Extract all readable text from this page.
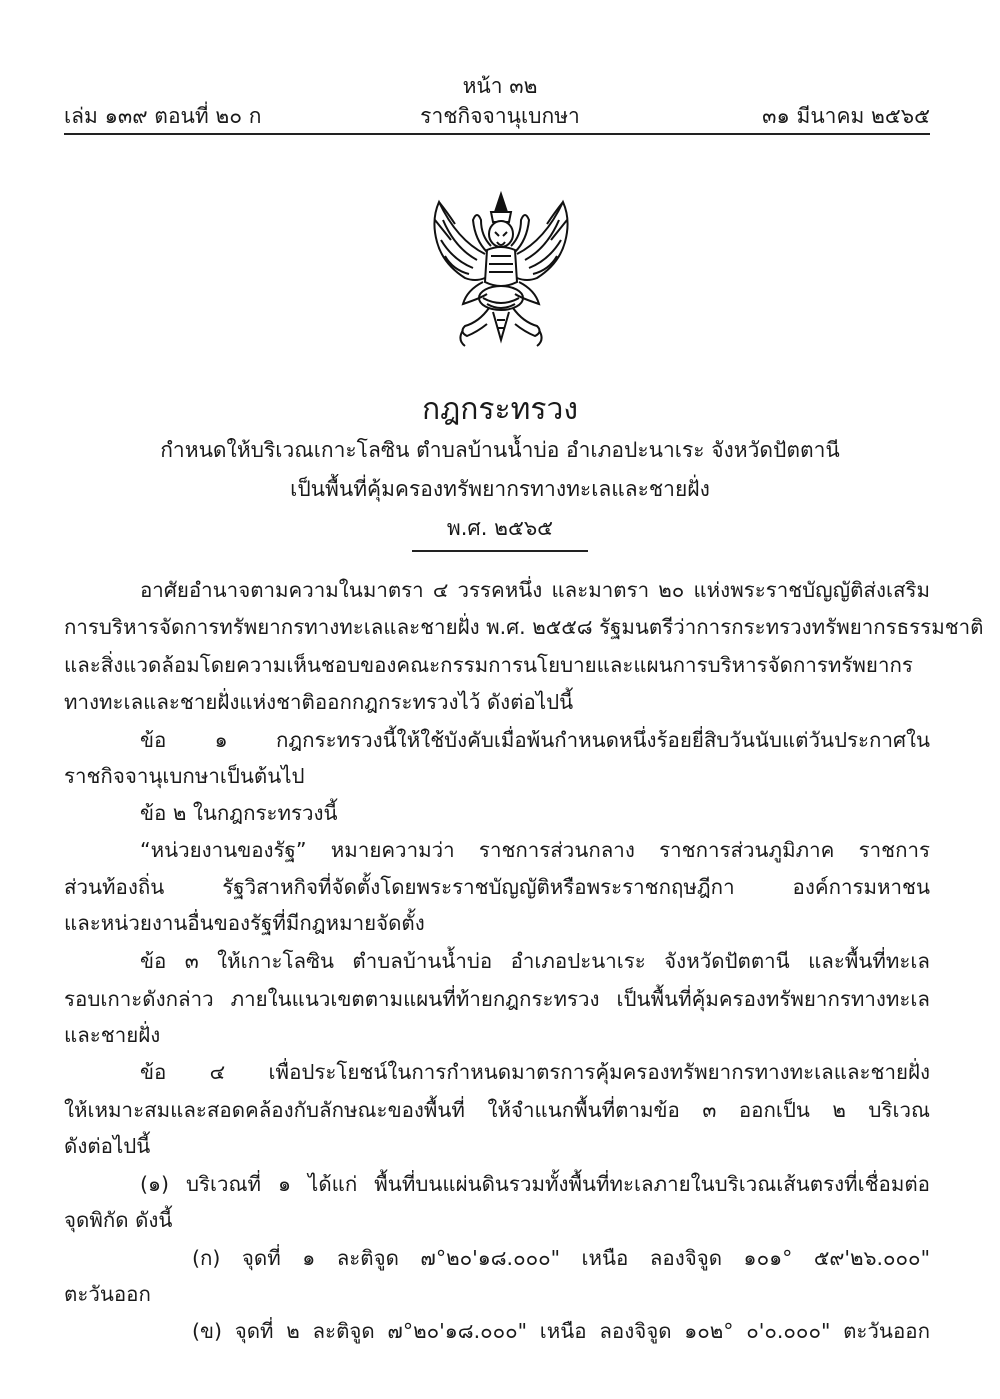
หน้า ๓๒
เล่ม ๑๓๙ ตอนที่ ๒๐ ก	ราชกิจจานุเบกษา	๓๑ มีนาคม ๒๕๖๕
กฎกระทรวง
กำหนดให้บริเวณเกาะโลซิน ตำบลบ้านน้ำบ่อ อำเภอปะนาเระ จังหวัดปัตตานี
เป็นพื้นที่คุ้มครองทรัพยากรทางทะเลและชายฝั่ง
พ.ศ. ๒๕๖๕
อาศัยอำนาจตามความในมาตรา ๔ วรรคหนึ่ง และมาตรา ๒๐ แห่งพระราชบัญญัติส่งเสริม
การบริหารจัดการทรัพยากรทางทะเลและชายฝั่ง พ.ศ. ๒๕๕๘ รัฐมนตรีว่าการกระทรวงทรัพยากรธรรมชาติ
และสิ่งแวดล้อมโดยความเห็นชอบของคณะกรรมการนโยบายและแผนการบริหารจัดการทรัพยากร
ทางทะเลและชายฝั่งแห่งชาติออกกฎกระทรวงไว้ ดังต่อไปนี้
ข้อ ๑ กฎกระทรวงนี้ให้ใช้บังคับเมื่อพ้นกำหนดหนึ่งร้อยยี่สิบวันนับแต่วันประกาศใน
ราชกิจจานุเบกษาเป็นต้นไป
ข้อ ๒ ในกฎกระทรวงนี้
“หน่วยงานของรัฐ” หมายความว่า ราชการส่วนกลาง ราชการส่วนภูมิภาค ราชการ
ส่วนท้องถิ่น รัฐวิสาหกิจที่จัดตั้งโดยพระราชบัญญัติหรือพระราชกฤษฎีกา องค์การมหาชน
และหน่วยงานอื่นของรัฐที่มีกฎหมายจัดตั้ง
ข้อ ๓ ให้เกาะโลซิน ตำบลบ้านน้ำบ่อ อำเภอปะนาเระ จังหวัดปัตตานี และพื้นที่ทะเล
รอบเกาะดังกล่าว ภายในแนวเขตตามแผนที่ท้ายกฎกระทรวง เป็นพื้นที่คุ้มครองทรัพยากรทางทะเล
และชายฝั่ง
ข้อ ๔ เพื่อประโยชน์ในการกำหนดมาตรการคุ้มครองทรัพยากรทางทะเลและชายฝั่ง
ให้เหมาะสมและสอดคล้องกับลักษณะของพื้นที่ ให้จำแนกพื้นที่ตามข้อ ๓ ออกเป็น ๒ บริเวณ
ดังต่อไปนี้
(๑) บริเวณที่ ๑ ได้แก่ พื้นที่บนแผ่นดินรวมทั้งพื้นที่ทะเลภายในบริเวณเส้นตรงที่เชื่อมต่อ
จุดพิกัด ดังนี้
(ก) จุดที่ ๑ ละติจูด ๗°๒๐'๑๘.๐๐๐" เหนือ ลองจิจูด ๑๐๑° ๕๙'๒๖.๐๐๐"
ตะวันออก
(ข) จุดที่ ๒ ละติจูด ๗°๒๐'๑๘.๐๐๐" เหนือ ลองจิจูด ๑๐๒° ๐'๐.๐๐๐" ตะวันออก
